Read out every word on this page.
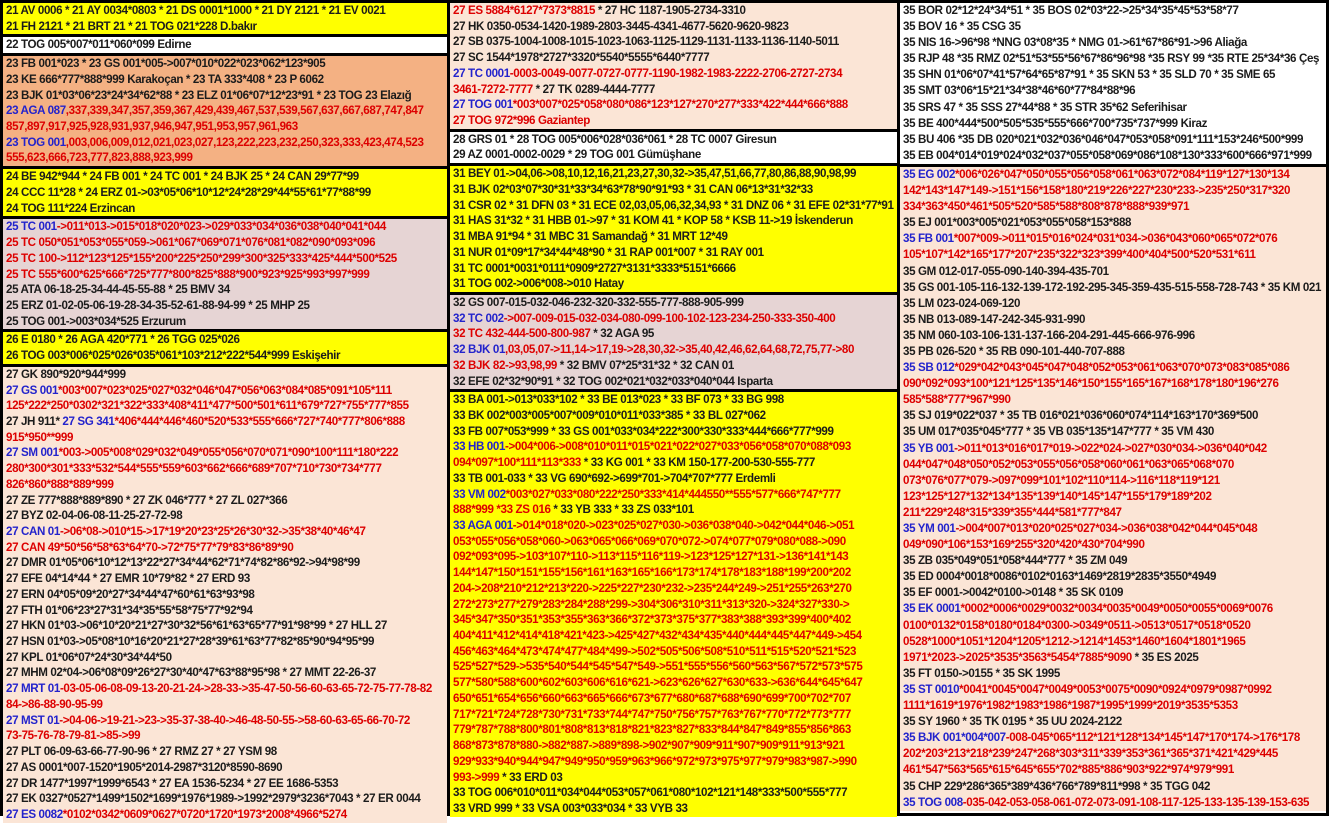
21 AV 0006 * 21 AY 0034*0803 * 21 DS 0001*1000 * 21 DY 2121 * 21 EV 0021
21 FH 2121 * 21 BRT 21 * 21 TOG 021*228 D.bakır
22 TOG 005*007*011*060*099 Edirne
23 FB 001*023 * 23 GS 001*005->007*010*022*023*062*123*905
23 KE 666*777*888*999 Karakoçan * 23 TA 333*408 * 23 P 6062
23 BJK 01*03*06*23*24*34*62*88 * 23 ELZ 01*06*07*12*23*91 * 23 TOG 23 Elazığ
23 AGA 087,337,339,347,357,359,367,429,439,467,537,539,567,637,667,687,747,847
857,897,917,925,928,931,937,946,947,951,953,957,961,963
23 TOG 001,003,006,009,012,021,023,027,123,222,223,232,250,323,333,423,474,523
555,623,666,723,777,823,888,923,999
24 BE 942*944 * 24 FB 001 * 24 TC 001 * 24 BJK 25 * 24 CAN 29*77*99
24 CCC 11*28 * 24 ERZ 01->03*05*06*10*12*24*28*29*44*55*61*77*88*99
24 TOG 111*224 Erzincan
25 TC 001->011*013->015*018*020*023->029*033*034*036*038*040*041*044
25 TC 050*051*053*055*059->061*067*069*071*076*081*082*090*093*096
25 TC 100->112*123*125*155*200*225*250*299*300*325*333*425*444*500*525
25 TC 555*600*625*666*725*777*800*825*888*900*923*925*993*997*999
25 ATA 06-18-25-34-44-45-55-88 * 25 BMV 34
25 ERZ 01-02-05-06-19-28-34-35-52-61-88-94-99 * 25 MHP 25
25 TOG 001->003*034*525 Erzurum
26 E 0180 * 26 AGA 420*771 * 26 TGG 025*026
26 TOG 003*006*025*026*035*061*103*212*222*544*999 Eskişehir
27 GK 890*920*944*999
27 GS 001*003*007*023*025*027*032*046*047*056*063*084*085*091*105*111
125*222*250*0302*321*322*333*408*411*477*500*501*611*679*727*755*777*855
27 JH 911* 27 SG 341*406*444*446*460*520*533*555*666*727*740*777*806*888
915*950**999
27 SM 001*003->005*008*029*032*049*055*056*070*071*090*100*111*180*222
280*300*301*333*532*544*555*559*603*662*666*689*707*710*730*734*777
826*860*888*889*999
27 ZE 777*888*889*890 * 27 ZK 046*777 * 27 ZL 027*366
27 BYZ 02-04-06-08-11-25-27-72-98
27 CAN 01->06*08->010*15->17*19*20*23*25*26*30*32->35*38*40*46*47
27 CAN 49*50*56*58*63*64*70->72*75*77*79*83*86*89*90
27 DMR 01*05*06*10*12*13*22*27*34*44*62*71*74*82*86*92->94*98*99
27 EFE 04*14*44 * 27 EMR 10*79*82 * 27 ERD 93
27 ERN 04*05*09*20*27*34*44*47*60*61*63*93*98
27 FTH 01*06*23*27*31*34*35*55*58*75*77*92*94
27 HKN 01*03->06*10*20*21*27*30*32*56*61*63*65*77*91*98*99 * 27 HLL 27
27 HSN 01*03->05*08*10*16*20*21*27*28*39*61*63*77*82*85*90*94*95*99
27 KPL 01*06*07*24*30*34*44*50
27 MHM 02*04->06*08*09*26*27*30*40*47*63*88*95*98 * 27 MMT 22-26-37
27 MRT 01-03-05-06-08-09-13-20-21-24->28-33->35-47-50-56-60-63-65-72-75-77-78-82
84->86-88-90-95-99
27 MST 01->04-06->19-21->23->35-37-38-40->46-48-50-55->58-60-63-65-66-70-72
73-75-76-78-79-81->85->99
27 PLT 06-09-63-66-77-90-96 * 27 RMZ 27 * 27 YSM 98
27 AS 0001*007-1520*1905*2014-2987*3120*8590-8690
27 DR 1477*1997*1999*6543 * 27 EA 1536-5234 * 27 EE 1686-5353
27 EK 0327*0527*1499*1502*1699*1976*1989->1992*2979*3236*7043 * 27 ER 0044
27 ES 0082*0102*0342*0609*0627*0720*1720*1973*2008*4966*5274
27 ES 5884*6127*7373*8815 * 27 HC 1187-1905-2734-3310
27 HK 0350-0534-1420-1989-2803-3445-4341-4677-5620-9620-9823
27 SB 0375-1004-1008-1015-1023-1063-1125-1129-1131-1133-1136-1140-5011
27 SC 1544*1978*2727*3320*5540*5555*6440*7777
27 TC 0001-0003-0049-0077-0727-0777-1190-1982-1983-2222-2706-2727-2734
3461-7272-7777 * 27 TK 0289-4444-7777
27 TOG 001*003*007*025*058*080*086*123*127*270*277*333*422*444*666*888
27 TOG 972*996 Gaziantep
28 GRS 01 * 28 TOG 005*006*028*036*061 * 28 TC 0007 Giresun
29 AZ 0001-0002-0029 * 29 TOG 001 Gümüşhane
31 BEY 01->04,06->08,10,12,16,21,23,27,30,32->35,47,51,66,77,80,86,88,90,98,99
31 BJK 02*03*07*30*31*33*34*63*78*90*91*93 * 31 CAN 06*13*31*32*33
31 CSR 02 * 31 DFN 03 * 31 ECE 02,03,05,06,32,34,93 * 31 DNZ 06 * 31 EFE 02*31*77*91
31 HAS 31*32 * 31 HBB 01->97 * 31 KOM 41 * KOP 58 * KSB 11->19 İskenderun
31 MBA 91*94 * 31 MBC 31 Samandağ * 31 MRT 12*49
31 NUR 01*09*17*34*44*48*90 * 31 RAP 001*007 * 31 RAY 001
31 TC 0001*0031*0111*0909*2727*3131*3333*5151*6666
31 TOG 002->006*008->010 Hatay
32 GS 007-015-032-046-232-320-332-555-777-888-905-999
32 TC 002->007-009-015-032-034-080-099-100-102-123-234-250-333-350-400
32 TC 432-444-500-800-987 * 32 AGA 95
32 BJK 01,03,05,07->11,14->17,19->28,30,32->35,40,42,46,62,64,68,72,75,77->80
32 BJK 82->93,98,99 * 32 BMV 07*25*31*32 * 32 CAN 01
32 EFE 02*32*90*91 * 32 TOG 002*021*032*033*040*044 Isparta
33 BA 001->013*033*102 * 33 BE 013*023 * 33 BF 073 * 33 BG 998
33 BK 002*003*005*007*009*010*011*033*385 * 33 BL 027*062
33 FB 007*053*999 * 33 GS 001*033*034*222*300*330*333*444*666*777*999
33 HB 001->004*006->008*010*011*015*021*022*027*033*056*058*070*088*093
094*097*100*111*113*333 * 33 KG 001 * 33 KM 150-177-200-530-555-777
33 TB 001-033 * 33 VG 690*692->699*701->704*707*777 Erdemli
33 VM 002*003*027*033*080*222*250*333*414*444550**555*577*666*747*777
888*999 *33 ZS 016 * 33 YB 333 * 33 ZS 033*101
33 AGA 001->014*018*020->023*025*027*030->036*038*040->042*044*046->051
053*055*056*058*060->063*065*066*069*070*072->074*077*079*080*088->090
092*093*095->103*107*110->113*115*116*119->123*125*127*131->136*141*143
144*147*150*151*155*156*161*163*165*166*173*174*178*183*188*199*200*202
204->208*210*212*213*220->225*227*230*232->235*244*249->251*255*263*270
272*273*277*279*283*284*288*299->304*306*310*311*313*320->324*327*330->
345*347*350*351*353*355*363*366*372*373*375*377*383*388*393*399*400*402
404*411*412*414*418*421*423->425*427*432*434*435*440*444*445*447*449->454
456*463*464*473*474*477*484*499->502*505*506*508*510*511*515*520*521*523
525*527*529->535*540*544*545*547*549->551*555*556*560*563*567*572*573*575
577*580*588*600*602*603*606*616*621->623*626*627*630*633->636*644*645*647
650*651*654*656*660*663*665*666*673*677*680*687*688*690*699*700*702*707
717*721*724*728*730*731*733*744*747*750*756*757*763*767*770*772*773*777
779*787*788*800*801*808*813*818*821*823*827*833*844*847*849*855*856*863
868*873*878*880->882*887->889*898->902*907*909*911*907*909*911*913*921
929*933*940*944*947*949*950*959*963*966*972*973*975*977*979*983*987->990
993->999 * 33 ERD 03
33 TOG 006*010*011*034*044*053*057*061*080*102*121*148*333*500*555*777
33 VRD 999 * 33 VSA 003*033*034 * 33 VYB 33
35 BOR 02*12*24*34*51 * 35 BOS 02*03*22->25*34*35*45*53*58*77
35 BOV 16 * 35 CSG 35
35 NIS 16->96*98 *NNG 03*08*35 * NMG 01->61*67*86*91->96 Aliağa
35 RJP 48 *35 RMZ 02*51*53*55*56*67*86*96*98 *35 RSY 99 *35 RTE 25*34*36 Çeş
35 SHN 01*06*07*41*57*64*65*87*91 * 35 SKN 53 * 35 SLD 70 * 35 SME 65
35 SMT 03*06*15*21*34*38*46*60*77*84*88*96
35 SRS 47 * 35 SSS 27*44*88 * 35 STR 35*62 Seferihisar
35 BE 400*444*500*505*535*555*666*700*735*737*999 Kiraz
35 BU 406 *35 DB 020*021*032*036*046*047*053*058*091*111*153*246*500*999
35 EB 004*014*019*024*032*037*055*058*069*086*108*130*333*600*666*971*999
35 EG 002*006*026*047*050*055*056*058*061*063*072*084*119*127*130*134
142*143*147*149->151*156*158*180*219*226*227*230*233->235*250*317*320
334*363*450*461*505*520*585*588*808*878*888*939*971
35 EJ 001*003*005*021*053*055*058*153*888
35 FB 001*007*009->011*015*016*024*031*034->036*043*060*065*072*076
105*107*142*165*177*207*235*322*323*399*400*404*500*520*531*611
35 GM 012-017-055-090-140-394-435-701
35 GS 001-105-116-132-139-172-192-295-345-359-435-515-558-728-743 * 35 KM 021
35 LM 023-024-069-120
35 NB 013-089-147-242-345-931-990
35 NM 060-103-106-131-137-166-204-291-445-666-976-996
35 PB 026-520 * 35 RB 090-101-440-707-888
35 SB 012*029*042*043*045*047*048*052*053*061*063*070*073*083*085*086
090*092*093*100*121*125*135*146*150*155*165*167*168*178*180*196*276
585*588*777*967*990
35 SJ 019*022*037 * 35 TB 016*021*036*060*074*114*163*170*369*500
35 UM 017*035*045*777 * 35 VB 035*135*147*777 * 35 VM 430
35 YB 001->011*013*016*017*019->022*024->027*030*034->036*040*042
044*047*048*050*052*053*055*056*058*060*061*063*065*068*070
073*076*077*079->097*099*101*102*110*114->116*118*119*121
123*125*127*132*134*135*139*140*145*147*155*179*189*202
211*229*248*315*339*355*444*581*777*847
35 YM 001->004*007*013*020*025*027*034->036*038*042*044*045*048
049*090*106*153*169*255*320*420*430*704*990
35 ZB 035*049*051*058*444*777 * 35 ZM 049
35 ED 0004*0018*0086*0102*0163*1469*2819*2835*3550*4949
35 EF 0001->0042*0100->0148 * 35 SK 0109
35 EK 0001*0002*0006*0029*0032*0034*0035*0049*0050*0055*0069*0076
0100*0132*0158*0180*0184*0300->0349*0511->0513*0517*0518*0520
0528*1000*1051*1204*1205*1212->1214*1453*1460*1604*1801*1965
1971*2023->2025*3535*3563*5454*7885*9090 * 35 ES 2025
35 FT 0150->0155 * 35 SK 1995
35 ST 0010*0041*0045*0047*0049*0053*0075*0090*0924*0979*0987*0992
1111*1619*1976*1982*1983*1986*1987*1995*1999*2019*3535*5353
35 SY 1960 * 35 TK 0195 * 35 UU 2024-2122
35 BJK 001*004*007-008-045*065*112*121*128*134*145*147*170*174->176*178
202*203*213*218*239*247*268*303*311*339*353*361*365*371*421*429*445
461*547*563*565*615*645*655*702*885*886*903*922*974*979*991
35 CHP 229*286*365*389*436*766*789*811*998 * 35 TGG 042
35 TOG 008-035-042-053-058-061-072-073-091-108-117-125-133-135-139-153-635
